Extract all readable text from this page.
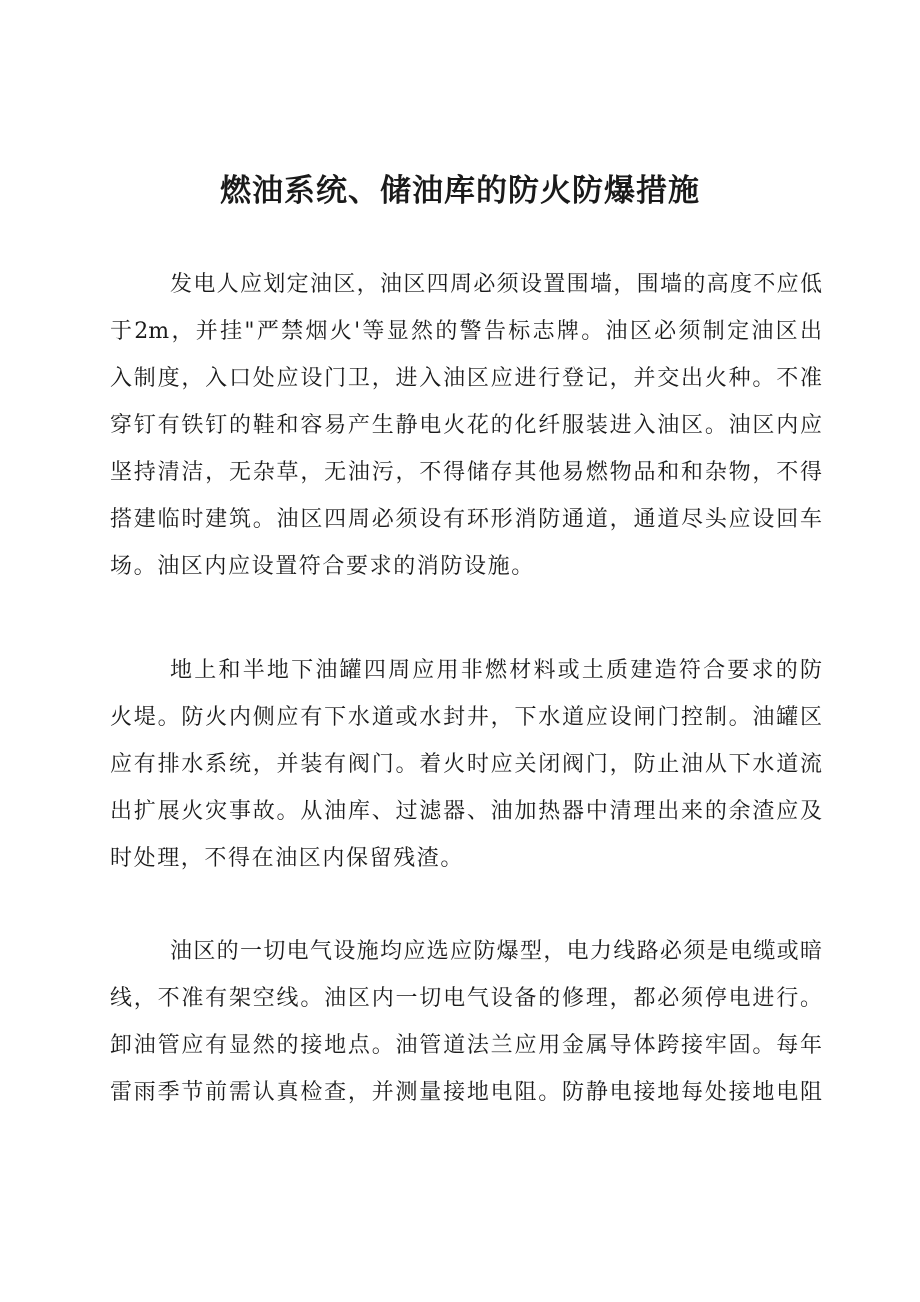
燃油系统、储油库的防火防爆措施
发电人应划定油区，油区四周必须设置围墙，围墙的高度不应低
于2m，并挂"严禁烟火'等显然的警告标志牌。油区必须制定油区出
入制度，入口处应设门卫，进入油区应进行登记，并交出火种。不准
穿钉有铁钉的鞋和容易产生静电火花的化纤服装进入油区。油区内应
坚持清洁，无杂草，无油污，不得储存其他易燃物品和和杂物，不得
搭建临时建筑。油区四周必须设有环形消防通道，通道尽头应设回车
场。油区内应设置符合要求的消防设施。
地上和半地下油罐四周应用非燃材料或土质建造符合要求的防
火堤。防火内侧应有下水道或水封井，下水道应设闸门控制。油罐区
应有排水系统，并装有阀门。着火时应关闭阀门，防止油从下水道流
出扩展火灾事故。从油库、过滤器、油加热器中清理出来的余渣应及
时处理，不得在油区内保留残渣。
油区的一切电气设施均应选应防爆型，电力线路必须是电缆或暗
线，不准有架空线。油区内一切电气设备的修理，都必须停电进行。
卸油管应有显然的接地点。油管道法兰应用金属导体跨接牢固。每年
雷雨季节前需认真检查，并测量接地电阻。防静电接地每处接地电阻
